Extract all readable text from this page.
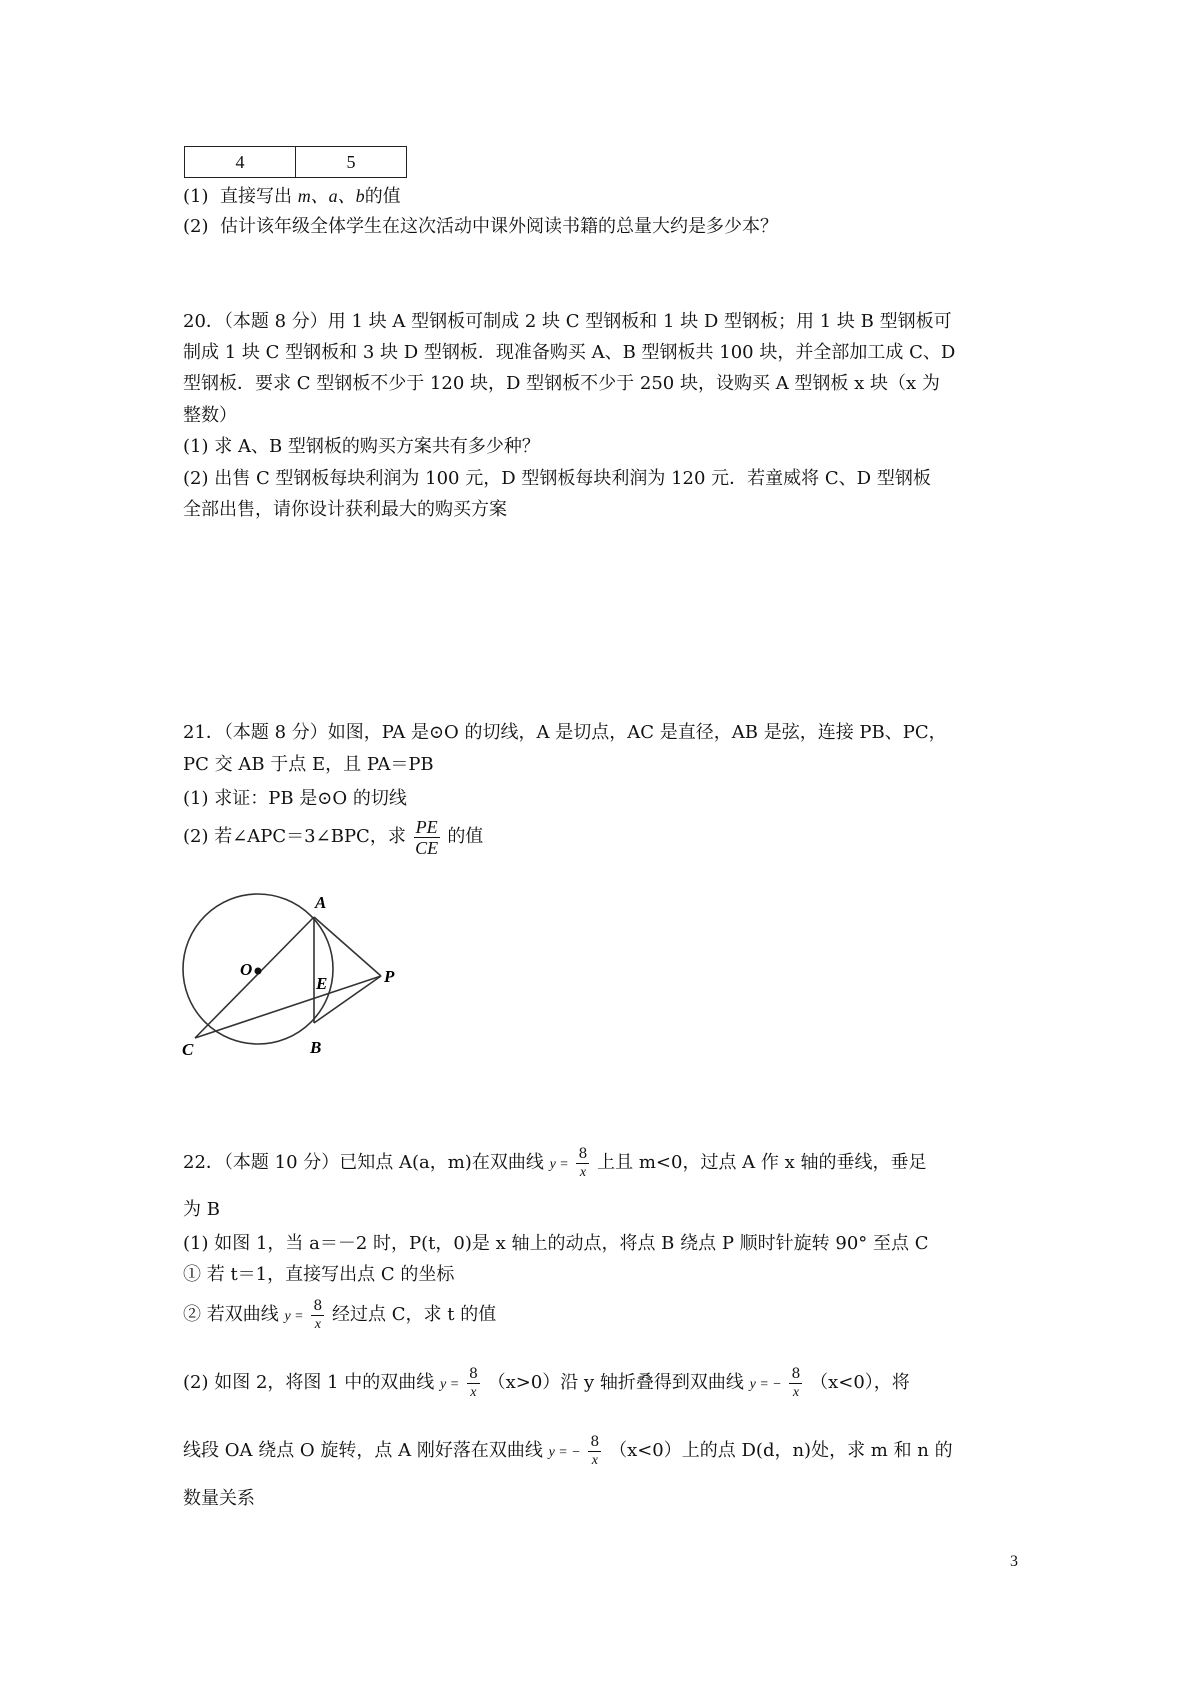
4	5
(1) 直接写出 m、a、b的值
(2) 估计该年级全体学生在这次活动中课外阅读书籍的总量大约是多少本？
20．（本题 8 分）用 1 块 A 型钢板可制成 2 块 C 型钢板和 1 块 D 型钢板；用 1 块 B 型钢板可
制成 1 块 C 型钢板和 3 块 D 型钢板．现准备购买 A、B 型钢板共 100 块，并全部加工成 C、D
型钢板．要求 C 型钢板不少于 120 块，D 型钢板不少于 250 块，设购买 A 型钢板 x 块（x 为
整数）
(1) 求 A、B 型钢板的购买方案共有多少种？
(2) 出售 C 型钢板每块利润为 100 元，D 型钢板每块利润为 120 元．若童威将 C、D 型钢板
全部出售，请你设计获利最大的购买方案
21．（本题 8 分）如图，PA 是⊙O 的切线，A 是切点，AC 是直径，AB 是弦，连接 PB、PC，
PC 交 AB 于点 E，且 PA＝PB
(1) 求证：PB 是⊙O 的切线
(2) 若∠APC＝3∠BPC，求 $\frac{PE}{CE}$ 的值
A
O
E	P
C	B
22．（本题 10 分）已知点 A(a，m)在双曲线 $y = \frac{8}{x}$ 上且 m<0，过点 A 作 x 轴的垂线，垂足
为 B
(1) 如图 1，当 a＝－2 时，P(t，0)是 x 轴上的动点，将点 B 绕点 P 顺时针旋转 90° 至点 C
① 若 t＝1，直接写出点 C 的坐标
② 若双曲线 $y = \frac{8}{x}$ 经过点 C，求 t 的值
(2) 如图 2，将图 1 中的双曲线 $y = \frac{8}{x} (x>0)$沿 y 轴折叠得到双曲线 y = − $\frac{8}{x} (x<0)$，将
线段 OA 绕点 O 旋转，点 A 刚好落在双曲线 y = − $\frac{8}{x} (x<0)$上的点 D(d，n)处，求 m 和 n 的
数量关系
3
